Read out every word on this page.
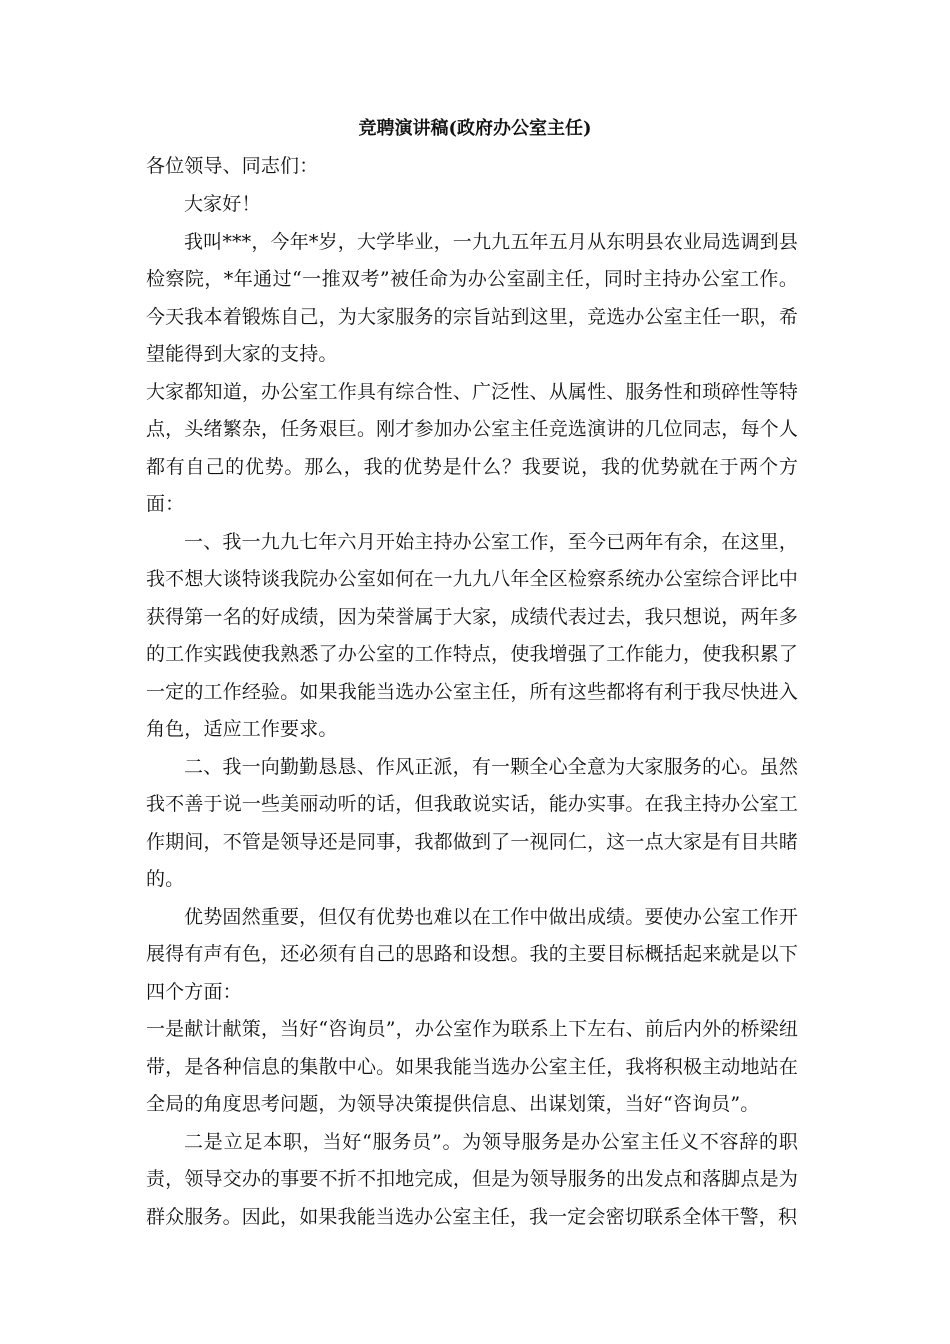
竞聘演讲稿(政府办公室主任)

各位领导、同志们：

大家好！

我叫***，今年*岁，大学毕业，一九九五年五月从东明县农业局选调到县检察院，*年通过“一推双考”被任命为办公室副主任，同时主持办公室工作。今天我本着锻炼自己，为大家服务的宗旨站到这里，竞选办公室主任一职，希望能得到大家的支持。

大家都知道，办公室工作具有综合性、广泛性、从属性、服务性和琐碎性等特点，头绪繁杂，任务艰巨。刚才参加办公室主任竞选演讲的几位同志，每个人都有自己的优势。那么，我的优势是什么？我要说，我的优势就在于两个方面：

一、我一九九七年六月开始主持办公室工作，至今已两年有余，在这里，我不想大谈特谈我院办公室如何在一九九八年全区检察系统办公室综合评比中获得第一名的好成绩，因为荣誉属于大家，成绩代表过去，我只想说，两年多的工作实践使我熟悉了办公室的工作特点，使我增强了工作能力，使我积累了一定的工作经验。如果我能当选办公室主任，所有这些都将有利于我尽快进入角色，适应工作要求。

二、我一向勤勤恳恳、作风正派，有一颗全心全意为大家服务的心。虽然我不善于说一些美丽动听的话，但我敢说实话，能办实事。在我主持办公室工作期间，不管是领导还是同事，我都做到了一视同仁，这一点大家是有目共睹的。

优势固然重要，但仅有优势也难以在工作中做出成绩。要使办公室工作开展得有声有色，还必须有自己的思路和设想。我的主要目标概括起来就是以下四个方面：

一是献计献策，当好“咨询员”，办公室作为联系上下左右、前后内外的桥梁纽带，是各种信息的集散中心。如果我能当选办公室主任，我将积极主动地站在全局的角度思考问题，为领导决策提供信息、出谋划策，当好“咨询员”。

二是立足本职，当好“服务员”。为领导服务是办公室主任义不容辞的职责，领导交办的事要不折不扣地完成，但是为领导服务的出发点和落脚点是为群众服务。因此，如果我能当选办公室主任，我一定会密切联系全体干警，积
